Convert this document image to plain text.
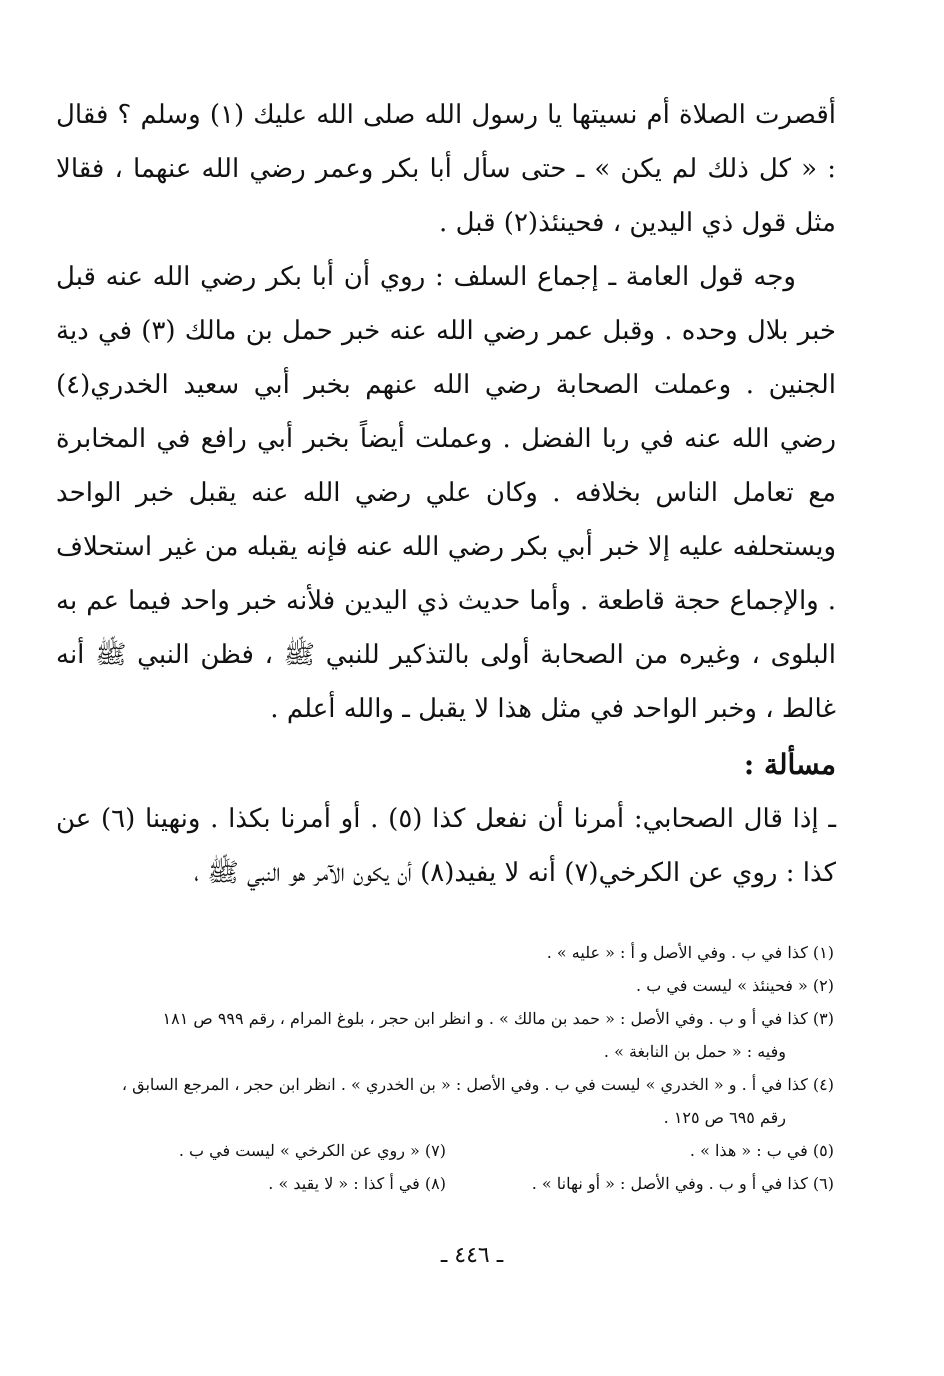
أقصرت الصلاة أم نسيتها يا رسول الله صلى الله عليك (١) وسلم ؟ فقال : « كل ذلك لم يكن » ـ حتى سأل أبا بكر وعمر رضي الله عنهما ، فقالا مثل قول ذي اليدين ، فحينئذ(٢) قبل .

وجه قول العامة ـ إجماع السلف : روي أن أبا بكر رضي الله عنه قبل خبر بلال وحده . وقبل عمر رضي الله عنه خبر حمل بن مالك (٣) في دية الجنين . وعملت الصحابة رضي الله عنهم بخبر أبي سعيد الخدري(٤) رضي الله عنه في ربا الفضل . وعملت أيضاً بخبر أبي رافع في المخابرة مع تعامل الناس بخلافه . وكان علي رضي الله عنه يقبل خبر الواحد ويستحلفه عليه إلا خبر أبي بكر رضي الله عنه فإنه يقبله من غير استحلاف . والإجماع حجة قاطعة . وأما حديث ذي اليدين فلأنه خبر واحد فيما عم به البلوى ، وغيره من الصحابة أولى بالتذكير للنبي ﷺ ، فظن النبي ﷺ أنه غالط ، وخبر الواحد في مثل هذا لا يقبل ـ والله أعلم .

مسألة :

ـ إذا قال الصحابي: أمرنا أن نفعل كذا (٥) . أو أمرنا بكذا . ونهينا (٦) عن كذا : روي عن الكرخي(٧) أنه لا يفيد(٨) أن يكون الآمر هو النبي ﷺ ،

(١) كذا في ب . وفي الأصل و أ : « عليه » .

(٢) « فحينئذ » ليست في ب .

(٣) كذا في أ و ب . وفي الأصل : « حمد بن مالك » . و انظر ابن حجر ، بلوغ المرام ، رقم ٩٩٩ ص ١٨١

وفيه : « حمل بن النابغة » .

(٤) كذا في أ . و « الخدري » ليست في ب . وفي الأصل : « بن الخدري » . انظر ابن حجر ، المرجع السابق ،

رقم ٦٩٥ ص ١٢٥ .

(٥) في ب : « هذا » .

(٧) « روي عن الكرخي » ليست في ب .

(٦) كذا في أ و ب . وفي الأصل : « أو نهانا » .

(٨) في أ كذا : « لا يقيد » .

ـ ٤٤٦ ـ
